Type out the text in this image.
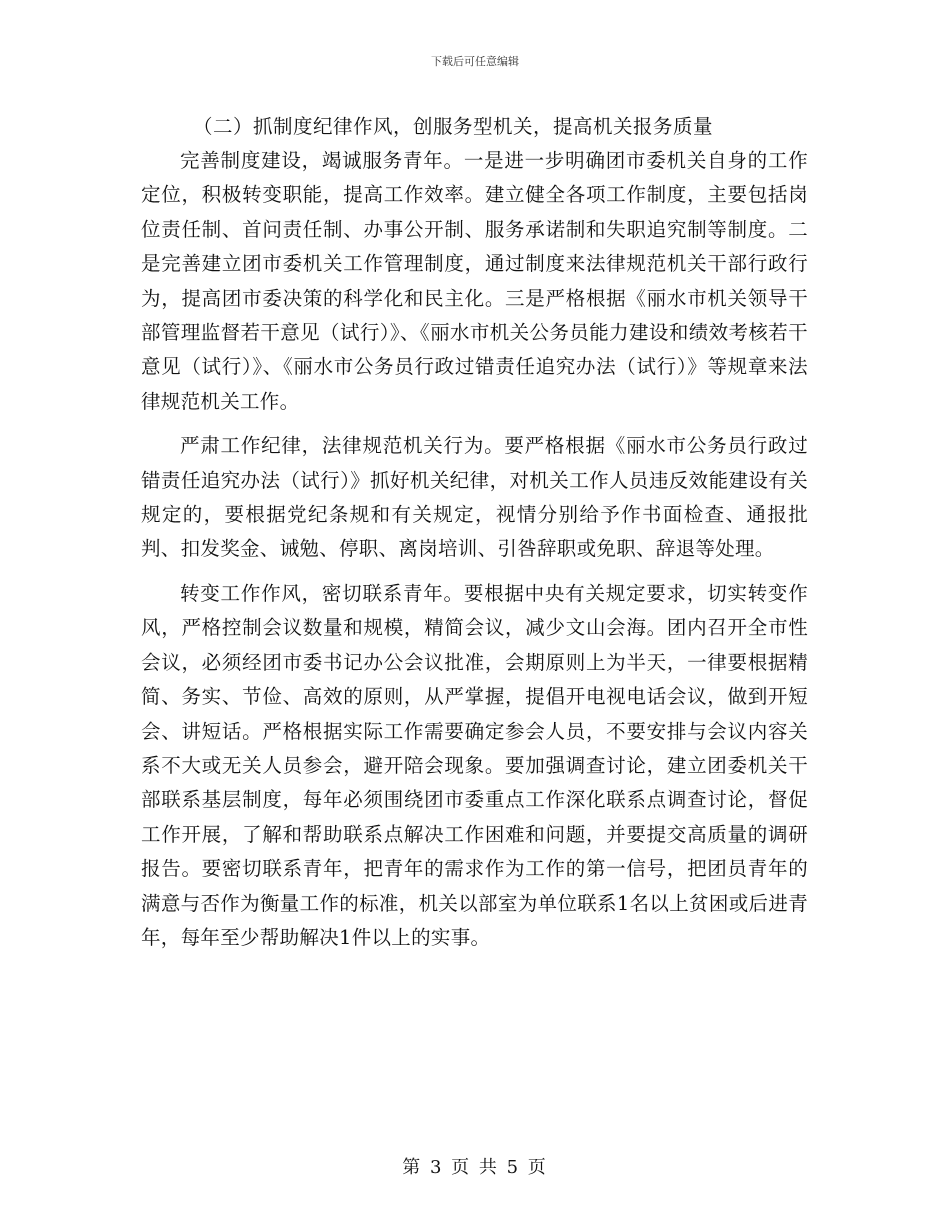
下载后可任意编辑
（二）抓制度纪律作风，创服务型机关，提高机关报务质量

完善制度建设，竭诚服务青年。一是进一步明确团市委机关自身的工作定位，积极转变职能，提高工作效率。建立健全各项工作制度，主要包括岗位责任制、首问责任制、办事公开制、服务承诺制和失职追究制等制度。二是完善建立团市委机关工作管理制度，通过制度来法律规范机关干部行政行为，提高团市委决策的科学化和民主化。三是严格根据《丽水市机关领导干部管理监督若干意见（试行）》、《丽水市机关公务员能力建设和绩效考核若干意见（试行）》、《丽水市公务员行政过错责任追究办法（试行）》等规章来法律规范机关工作。

严肃工作纪律，法律规范机关行为。要严格根据《丽水市公务员行政过错责任追究办法（试行）》抓好机关纪律，对机关工作人员违反效能建设有关规定的，要根据党纪条规和有关规定，视情分别给予作书面检查、通报批判、扣发奖金、诫勉、停职、离岗培训、引咎辞职或免职、辞退等处理。

转变工作作风，密切联系青年。要根据中央有关规定要求，切实转变作风，严格控制会议数量和规模，精简会议，减少文山会海。团内召开全市性会议，必须经团市委书记办公会议批准，会期原则上为半天，一律要根据精简、务实、节俭、高效的原则，从严掌握，提倡开电视电话会议，做到开短会、讲短话。严格根据实际工作需要确定参会人员，不要安排与会议内容关系不大或无关人员参会，避开陪会现象。要加强调查讨论，建立团委机关干部联系基层制度，每年必须围绕团市委重点工作深化联系点调查讨论，督促工作开展，了解和帮助联系点解决工作困难和问题，并要提交高质量的调研报告。要密切联系青年，把青年的需求作为工作的第一信号，把团员青年的满意与否作为衡量工作的标准，机关以部室为单位联系1名以上贫困或后进青年，每年至少帮助解决1件以上的实事。

第 3 页 共 5 页
